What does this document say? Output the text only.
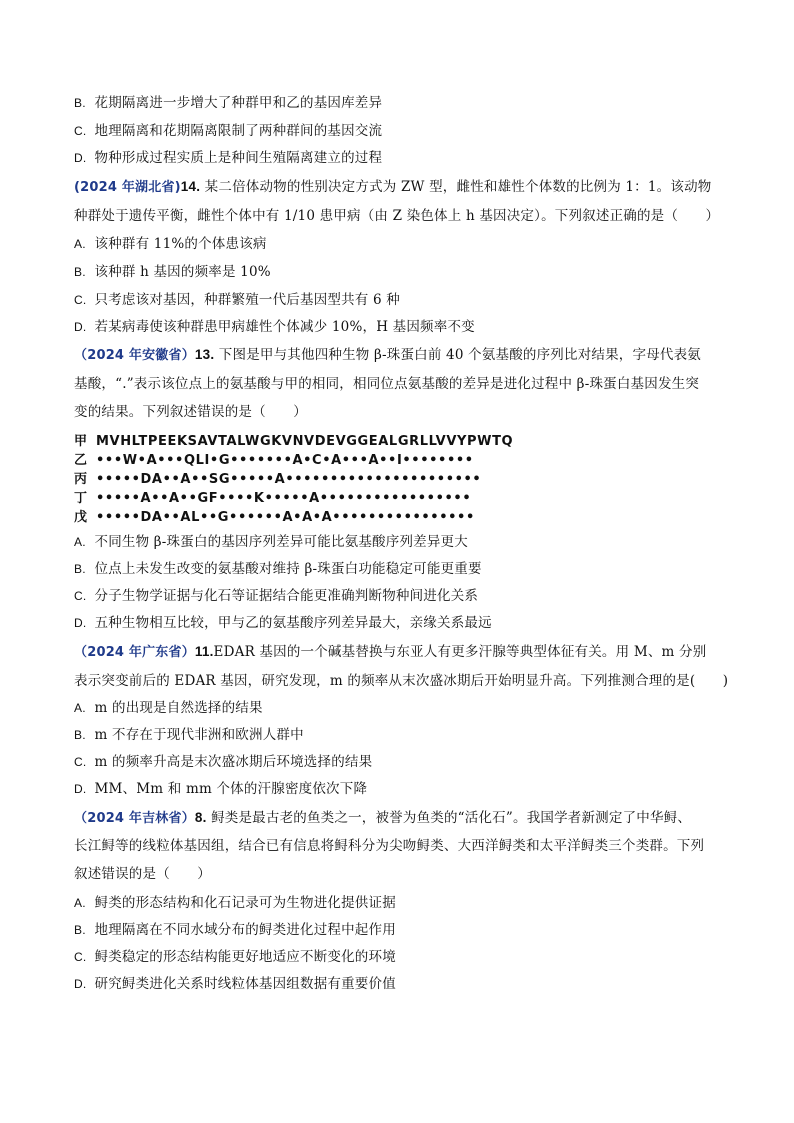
B. 花期隔离进一步增大了种群甲和乙的基因库差异
C. 地理隔离和花期隔离限制了两种群间的基因交流
D. 物种形成过程实质上是种间生殖隔离建立的过程
(2024 年湖北省)14. 某二倍体动物的性别决定方式为 ZW 型，雌性和雄性个体数的比例为 1：1。该动物
种群处于遗传平衡，雌性个体中有 1/10 患甲病（由 Z 染色体上 h 基因决定）。下列叙述正确的是（　　）
A. 该种群有 11%的个体患该病
B. 该种群 h 基因的频率是 10%
C. 只考虑该对基因，种群繁殖一代后基因型共有 6 种
D. 若某病毒使该种群患甲病雄性个体减少 10%，H 基因频率不变
（2024 年安徽省）13. 下图是甲与其他四种生物 β-珠蛋白前 40 个氨基酸的序列比对结果，字母代表氨
基酸，“.”表示该位点上的氨基酸与甲的相同，相同位点氨基酸的差异是进化过程中 β-珠蛋白基因发生突
变的结果。下列叙述错误的是（　　）
甲 MVHLTPEEKSAVTALWGKVNVDEVGGEALGRLLVVYPWTQ
乙 •••W•A•••QLI•G•••••••A•C•A•••A••I••••••••
丙 •••••DA••A••SG•••••A••••••••••••••••••••••
丁 •••••A••A••GF••••K•••••A•••••••••••••••••
戊 •••••DA••AL••G••••••A•A•A••••••••••••••••
A. 不同生物 β-珠蛋白的基因序列差异可能比氨基酸序列差异更大
B. 位点上未发生改变的氨基酸对维持 β-珠蛋白功能稳定可能更重要
C. 分子生物学证据与化石等证据结合能更准确判断物种间进化关系
D. 五种生物相互比较，甲与乙的氨基酸序列差异最大，亲缘关系最远
（2024 年广东省）11.EDAR 基因的一个碱基替换与东亚人有更多汗腺等典型体征有关。用 M、m 分别
表示突变前后的 EDAR 基因，研究发现，m 的频率从末次盛冰期后开始明显升高。下列推测合理的是(　　)
A. m 的出现是自然选择的结果
B. m 不存在于现代非洲和欧洲人群中
C. m 的频率升高是末次盛冰期后环境选择的结果
D. MM、Mm 和 mm 个体的汗腺密度依次下降
（2024 年吉林省）8. 鲟类是最古老的鱼类之一，被誉为鱼类的“活化石”。我国学者新测定了中华鲟、
长江鲟等的线粒体基因组，结合已有信息将鲟科分为尖吻鲟类、大西洋鲟类和太平洋鲟类三个类群。下列
叙述错误的是（　　）
A. 鲟类的形态结构和化石记录可为生物进化提供证据
B. 地理隔离在不同水域分布的鲟类进化过程中起作用
C. 鲟类稳定的形态结构能更好地适应不断变化的环境
D. 研究鲟类进化关系时线粒体基因组数据有重要价值
